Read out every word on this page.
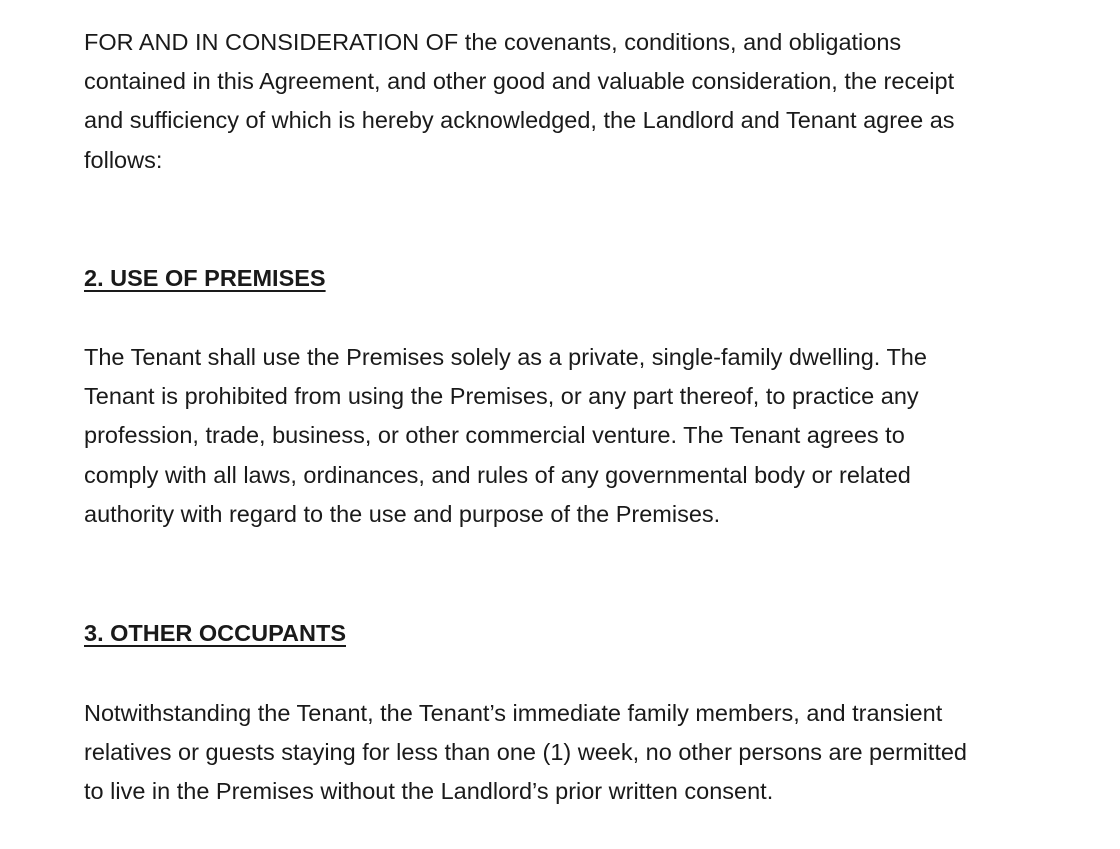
FOR AND IN CONSIDERATION OF the covenants, conditions, and obligations
contained in this Agreement, and other good and valuable consideration, the receipt
and sufficiency of which is hereby acknowledged, the Landlord and Tenant agree as
follows:

2. USE OF PREMISES

The Tenant shall use the Premises solely as a private, single-family dwelling. The
Tenant is prohibited from using the Premises, or any part thereof, to practice any
profession, trade, business, or other commercial venture. The Tenant agrees to
comply with all laws, ordinances, and rules of any governmental body or related
authority with regard to the use and purpose of the Premises.

3. OTHER OCCUPANTS

Notwithstanding the Tenant, the Tenant’s immediate family members, and transient
relatives or guests staying for less than one (1) week, no other persons are permitted
to live in the Premises without the Landlord’s prior written consent.
